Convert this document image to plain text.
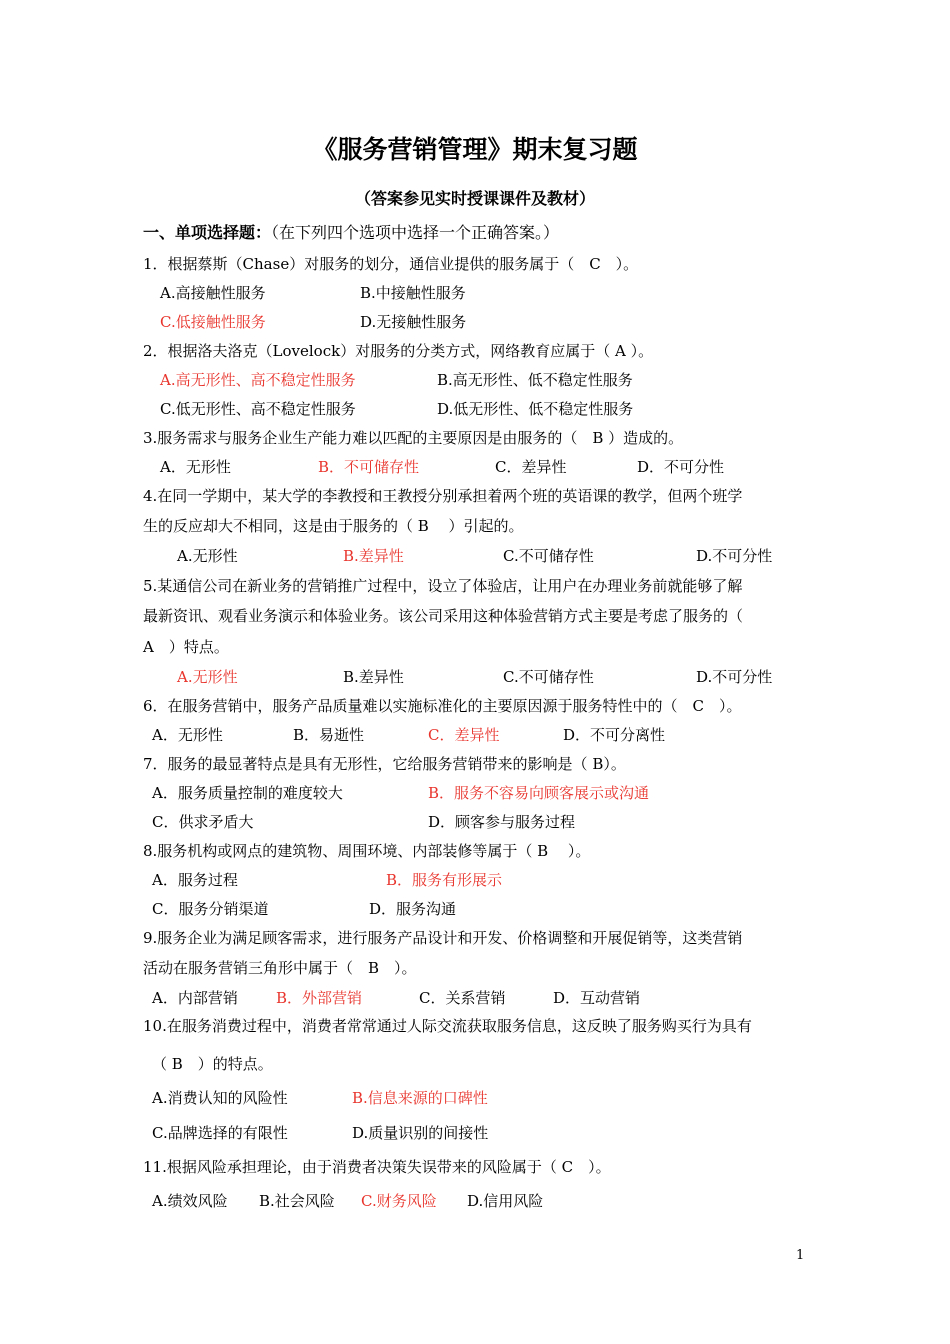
《服务营销管理》期末复习题
（答案参见实时授课课件及教材）
一、单项选择题：（在下列四个选项中选择一个正确答案。）
1．根据蔡斯（Chase）对服务的划分，通信业提供的服务属于（　C　）。
A.高接触性服务	B.中接触性服务
C.低接触性服务	D.无接触性服务
2．根据洛夫洛克（Lovelock）对服务的分类方式，网络教育应属于（ A ）。
A.高无形性、高不稳定性服务	B.高无形性、低不稳定性服务
C.低无形性、高不稳定性服务	D.低无形性、低不稳定性服务
3.服务需求与服务企业生产能力难以匹配的主要原因是由服务的（　B ）造成的。
A．无形性	B．不可储存性	C．差异性	D．不可分性
4.在同一学期中，某大学的李教授和王教授分别承担着两个班的英语课的教学，但两个班学
生的反应却大不相同，这是由于服务的（ B　 ）引起的。
A.无形性	B.差异性	C.不可储存性	D.不可分性
5.某通信公司在新业务的营销推广过程中，设立了体验店，让用户在办理业务前就能够了解
最新资讯、观看业务演示和体验业务。该公司采用这种体验营销方式主要是考虑了服务的（
A　）特点。
A.无形性	B.差异性	C.不可储存性	D.不可分性
6．在服务营销中，服务产品质量难以实施标准化的主要原因源于服务特性中的（　C　）。
A．无形性	B．易逝性	C．差异性	D．不可分离性
7．服务的最显著特点是具有无形性，它给服务营销带来的影响是（ B）。
A．服务质量控制的难度较大	B．服务不容易向顾客展示或沟通
C．供求矛盾大	D．顾客参与服务过程
8.服务机构或网点的建筑物、周围环境、内部装修等属于（ B　 ）。
A．服务过程	B．服务有形展示
C．服务分销渠道	D．服务沟通
9.服务企业为满足顾客需求，进行服务产品设计和开发、价格调整和开展促销等，这类营销
活动在服务营销三角形中属于（　B　）。
A．内部营销	B．外部营销	C．关系营销	D．互动营销
10.在服务消费过程中，消费者常常通过人际交流获取服务信息，这反映了服务购买行为具有
（ B　）的特点。
A.消费认知的风险性	B.信息来源的口碑性
C.品牌选择的有限性	D.质量识别的间接性
11.根据风险承担理论，由于消费者决策失误带来的风险属于（ C　）。
A.绩效风险 B.社会风险 C.财务风险 D.信用风险
1
